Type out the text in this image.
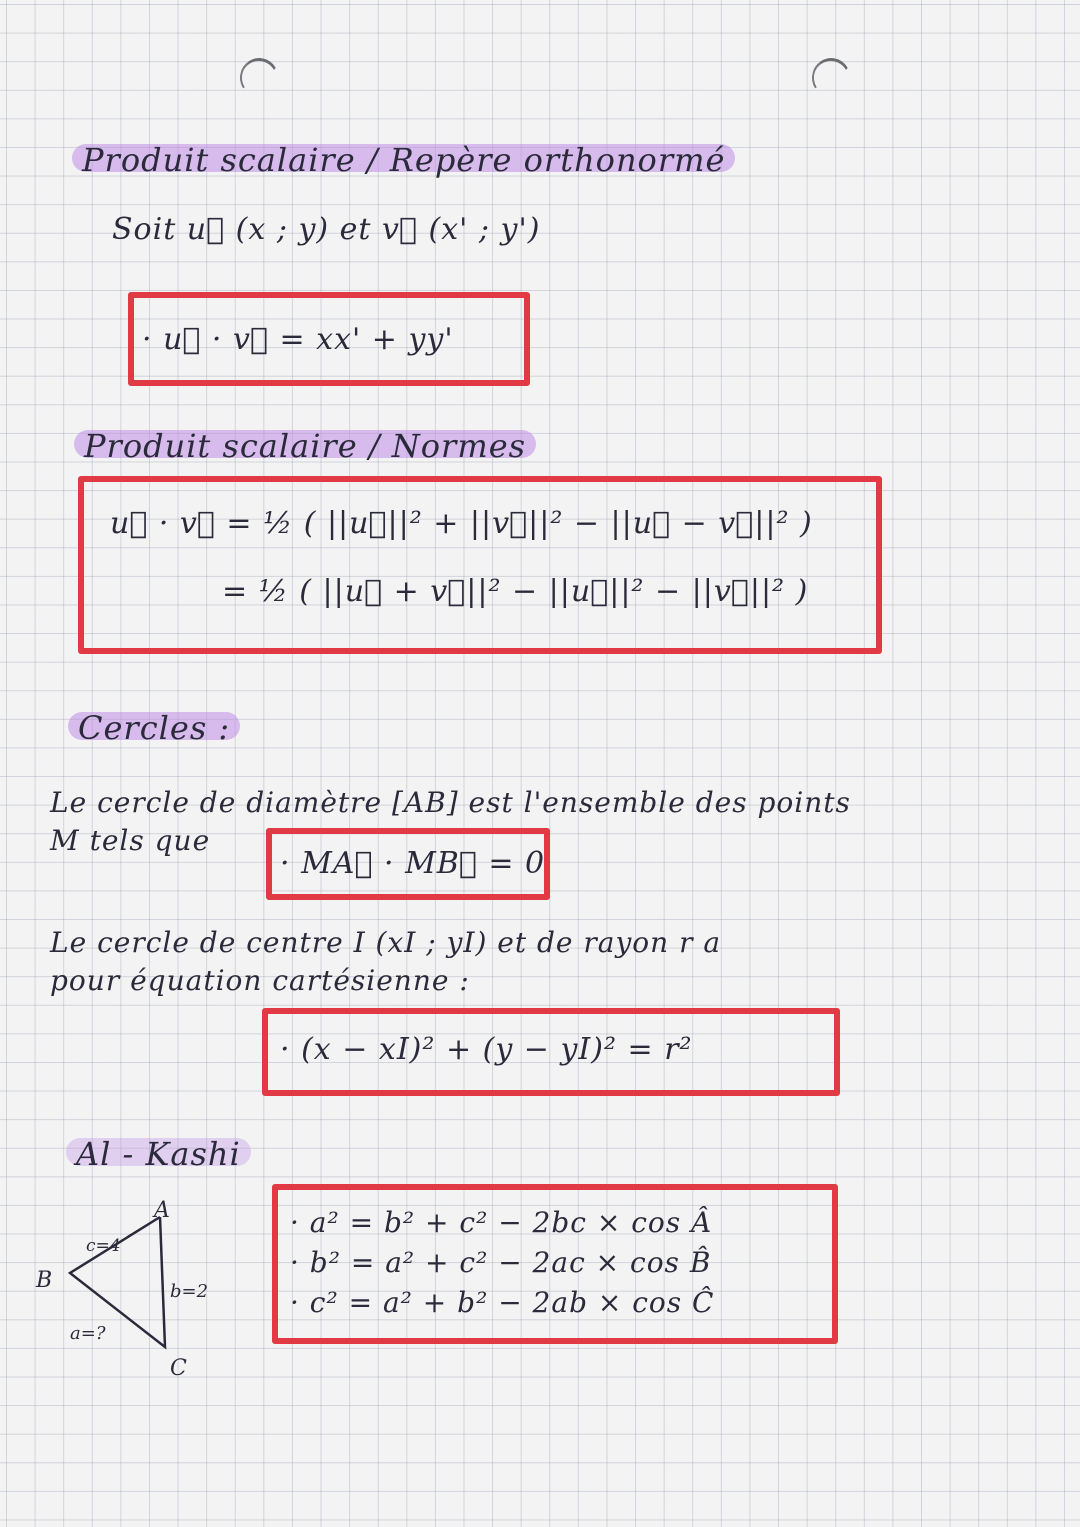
Produit scalaire / Repère orthonormé
Soit u⃗ (x ; y) et v⃗ (x' ; y')
· u⃗ · v⃗ = xx' + yy'
Produit scalaire / Normes
u⃗ · v⃗ = ½ ( ||u⃗||² + ||v⃗||² − ||u⃗ − v⃗||² )
= ½ ( ||u⃗ + v⃗||² − ||u⃗||² − ||v⃗||² )
Cercles :
Le cercle de diamètre [AB] est l'ensemble des points
M tels que
· MA⃗ · MB⃗ = 0
Le cercle de centre I (xI ; yI) et de rayon r a
pour équation cartésienne :
· (x − xI)² + (y − yI)² = r²
Al - Kashi
A
B
C
c=4
b=2
a=?
· a² = b² + c² − 2bc × cos Â
· b² = a² + c² − 2ac × cos B̂
· c² = a² + b² − 2ab × cos Ĉ
